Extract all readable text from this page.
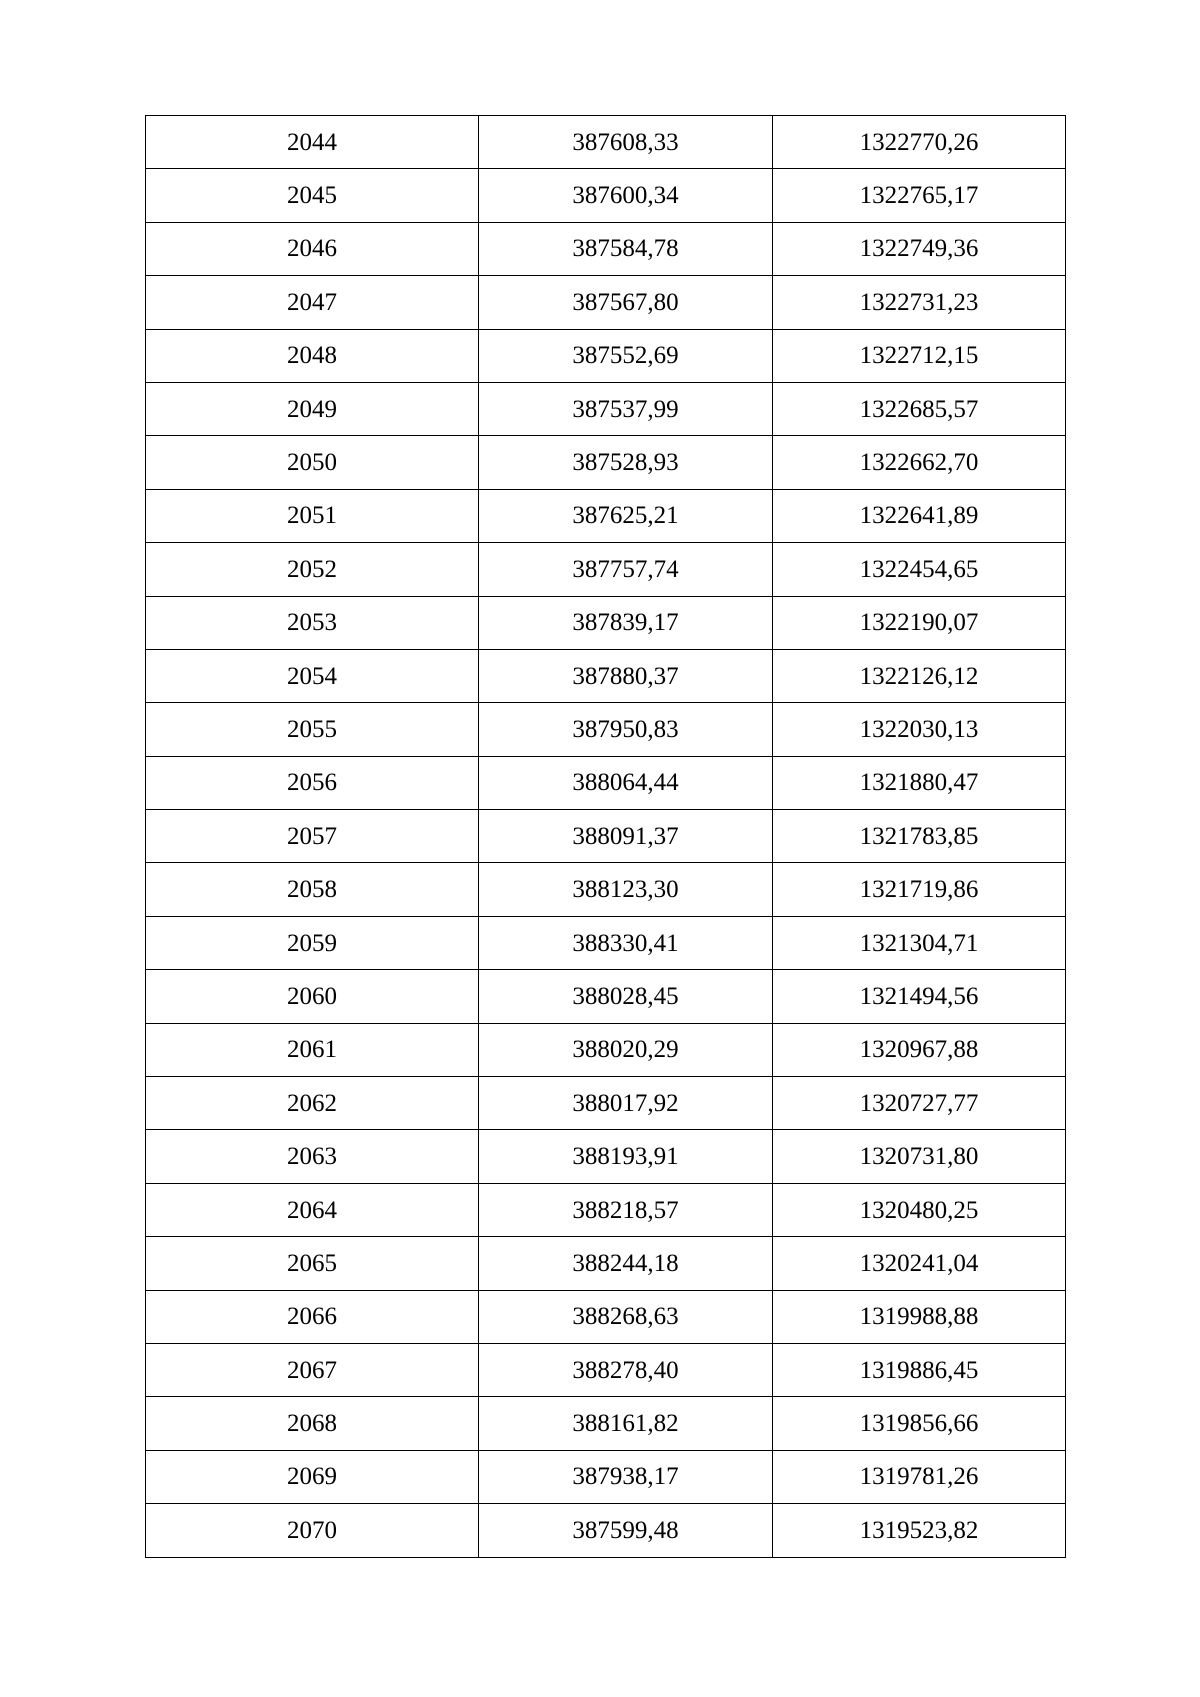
2044	387608,33	1322770,26
2045	387600,34	1322765,17
2046	387584,78	1322749,36
2047	387567,80	1322731,23
2048	387552,69	1322712,15
2049	387537,99	1322685,57
2050	387528,93	1322662,70
2051	387625,21	1322641,89
2052	387757,74	1322454,65
2053	387839,17	1322190,07
2054	387880,37	1322126,12
2055	387950,83	1322030,13
2056	388064,44	1321880,47
2057	388091,37	1321783,85
2058	388123,30	1321719,86
2059	388330,41	1321304,71
2060	388028,45	1321494,56
2061	388020,29	1320967,88
2062	388017,92	1320727,77
2063	388193,91	1320731,80
2064	388218,57	1320480,25
2065	388244,18	1320241,04
2066	388268,63	1319988,88
2067	388278,40	1319886,45
2068	388161,82	1319856,66
2069	387938,17	1319781,26
2070	387599,48	1319523,82
